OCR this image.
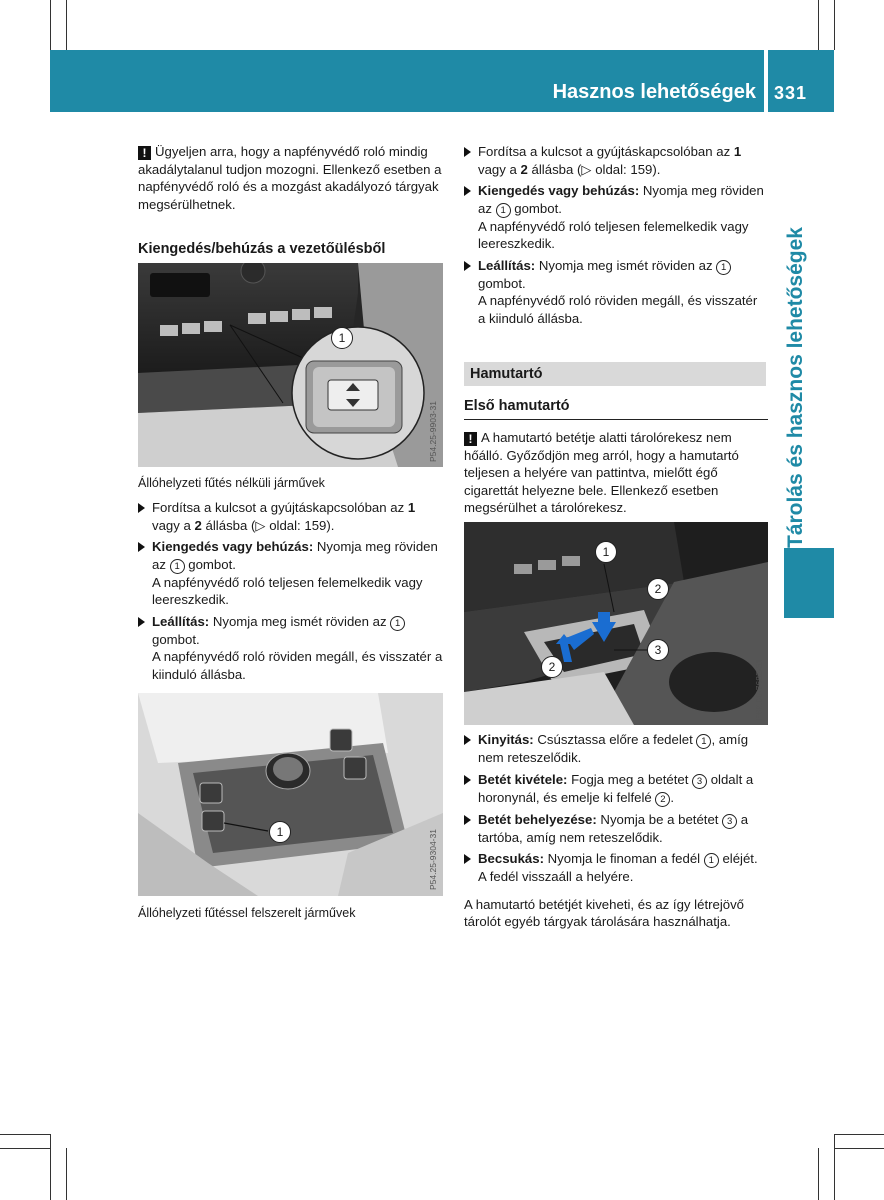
Hasznos lehetőségek 331
Tárolás és hasznos lehetőségek

! Ügyeljen arra, hogy a napfényvédő roló mindig akadálytalanul tudjon mozogni. Ellenkező esetben a napfényvédő roló és a mozgást akadályozó tárgyak megsérülhetnek.

Kiengedés/behúzás a vezetőülésből

1
P54.25-9903-31
Állóhelyzeti fűtés nélküli járművek
Fordítsa a kulcsot a gyújtáskapcsolóban az 1 vagy a 2 állásba (▷ oldal: 159).
Kiengedés vagy behúzás: Nyomja meg röviden az 1 gombot.
A napfényvédő roló teljesen felemelkedik vagy leereszkedik.
Leállítás: Nyomja meg ismét röviden az 1 gombot.
A napfényvédő roló röviden megáll, és visszatér a kiinduló állásba.
1	P54.25-9304-31
Állóhelyzeti fűtéssel felszerelt járművek
Fordítsa a kulcsot a gyújtáskapcsolóban az 1 vagy a 2 állásba (▷ oldal: 159).
Kiengedés vagy behúzás: Nyomja meg röviden az 1 gombot.
A napfényvédő roló teljesen felemelkedik vagy leereszkedik.
Leállítás: Nyomja meg ismét röviden az 1 gombot.
A napfényvédő roló röviden megáll, és visszatér a kiinduló állásba.
Hamutartó
Első hamutartó

! A hamutartó betétje alatti tárolórekesz nem hőálló. Győződjön meg arról, hogy a hamutartó teljesen a helyére van pattintva, mielőtt égő cigarettát helyezne bele. Ellenkező esetben megsérülhet a tárolórekesz.

1
2
3
2	P68.00-7682-31
Kinyitás: Csúsztassa előre a fedelet 1 , amíg nem reteszelődik.
Betét kivétele: Fogja meg a betétet 3 oldalt a horonynál, és emelje ki felfelé 2 .
Betét behelyezése: Nyomja be a betétet 3 a tartóba, amíg nem reteszelődik.
Becsukás: Nyomja le finoman a fedél 1 eléjét.
A fedél visszaáll a helyére.

A hamutartó betétjét kiveheti, és az így létrejövő tárolót egyéb tárgyak tárolására használhatja.
